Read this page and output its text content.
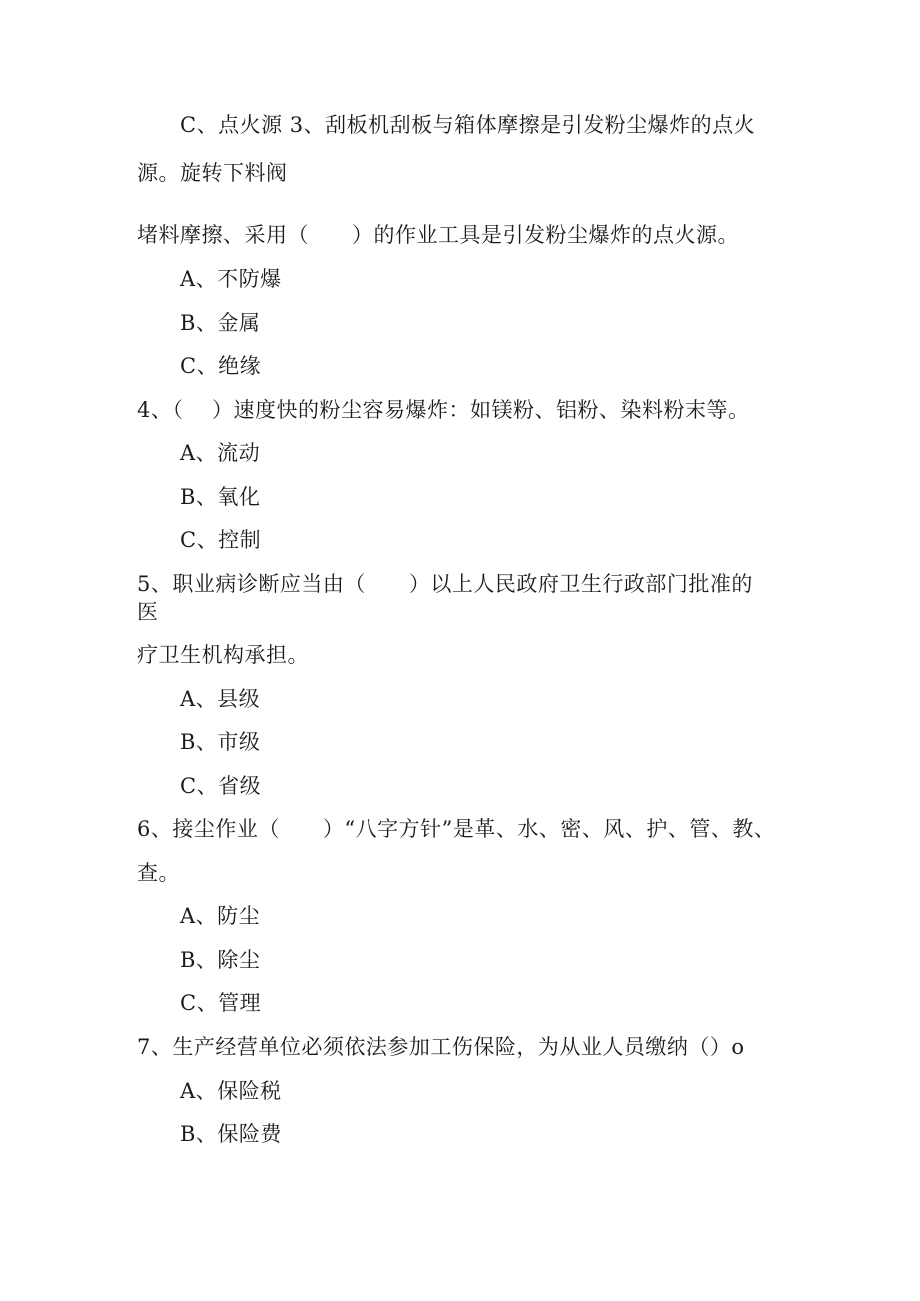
C、点火源 3、刮板机刮板与箱体摩擦是引发粉尘爆炸的点火
源。旋转下料阀
堵料摩擦、采用（　　）的作业工具是引发粉尘爆炸的点火源。
A、不防爆
B、金属
C、绝缘
4、（　 ）速度快的粉尘容易爆炸：如镁粉、铝粉、染料粉末等。
A、流动
B、氧化
C、控制
5、职业病诊断应当由（　　）以上人民政府卫生行政部门批准的
医
疗卫生机构承担。
A、县级
B、市级
C、省级
6、接尘作业（　　）“八字方针”是革、水、密、风、护、管、教、
查。
A、防尘
B、除尘
C、管理
7、生产经营单位必须依法参加工伤保险，为从业人员缴纳（）o
A、保险税
B、保险费
